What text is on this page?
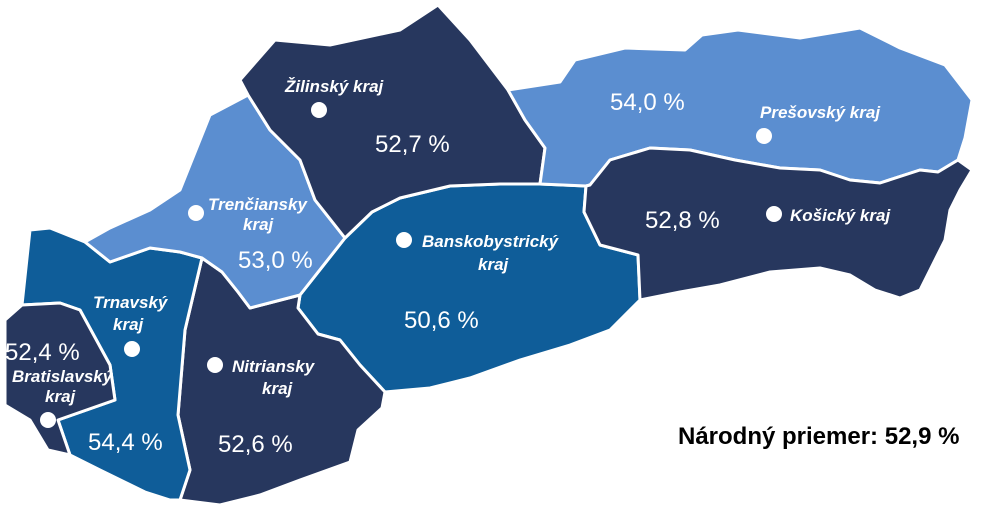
Žilinský kraj
52,7 %
54,0 %	Prešovský kraj
Trenčiansky
kraj
53,0 %
Banskobystrický
kraj
50,6 %
52,8 %	Košický kraj
Trnavský
kraj
54,4 %
Nitriansky
kraj
52,6 %
52,4 %
Bratislavský
kraj
Národný priemer: 52,9 %
